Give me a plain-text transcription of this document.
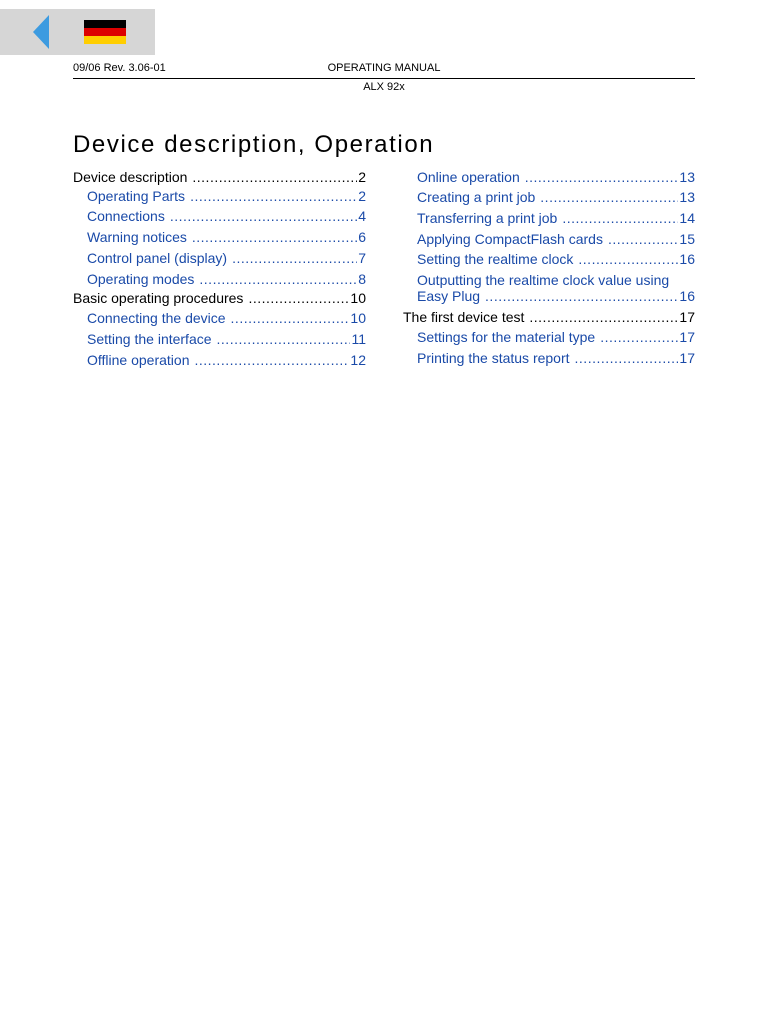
09/06 Rev. 3.06-01	OPERATING MANUAL
ALX 92x
Device description, Operation
Device description .....	2
Operating Parts .....	2
Connections .....	4
Warning notices .....	6
Control panel (display) .....	7
Operating modes .....	8
Basic operating procedures .....	10
Connecting the device .....	10
Setting the interface .....	11
Offline operation .....	12
Online operation .....	13
Creating a print job .....	13
Transferring a print job .....	14
Applying CompactFlash cards .....	15
Setting the realtime clock .....	16
Outputting the realtime clock value using
Easy Plug .....	16
The first device test .....	17
Settings for the material type .....	17
Printing the status report .....	17
